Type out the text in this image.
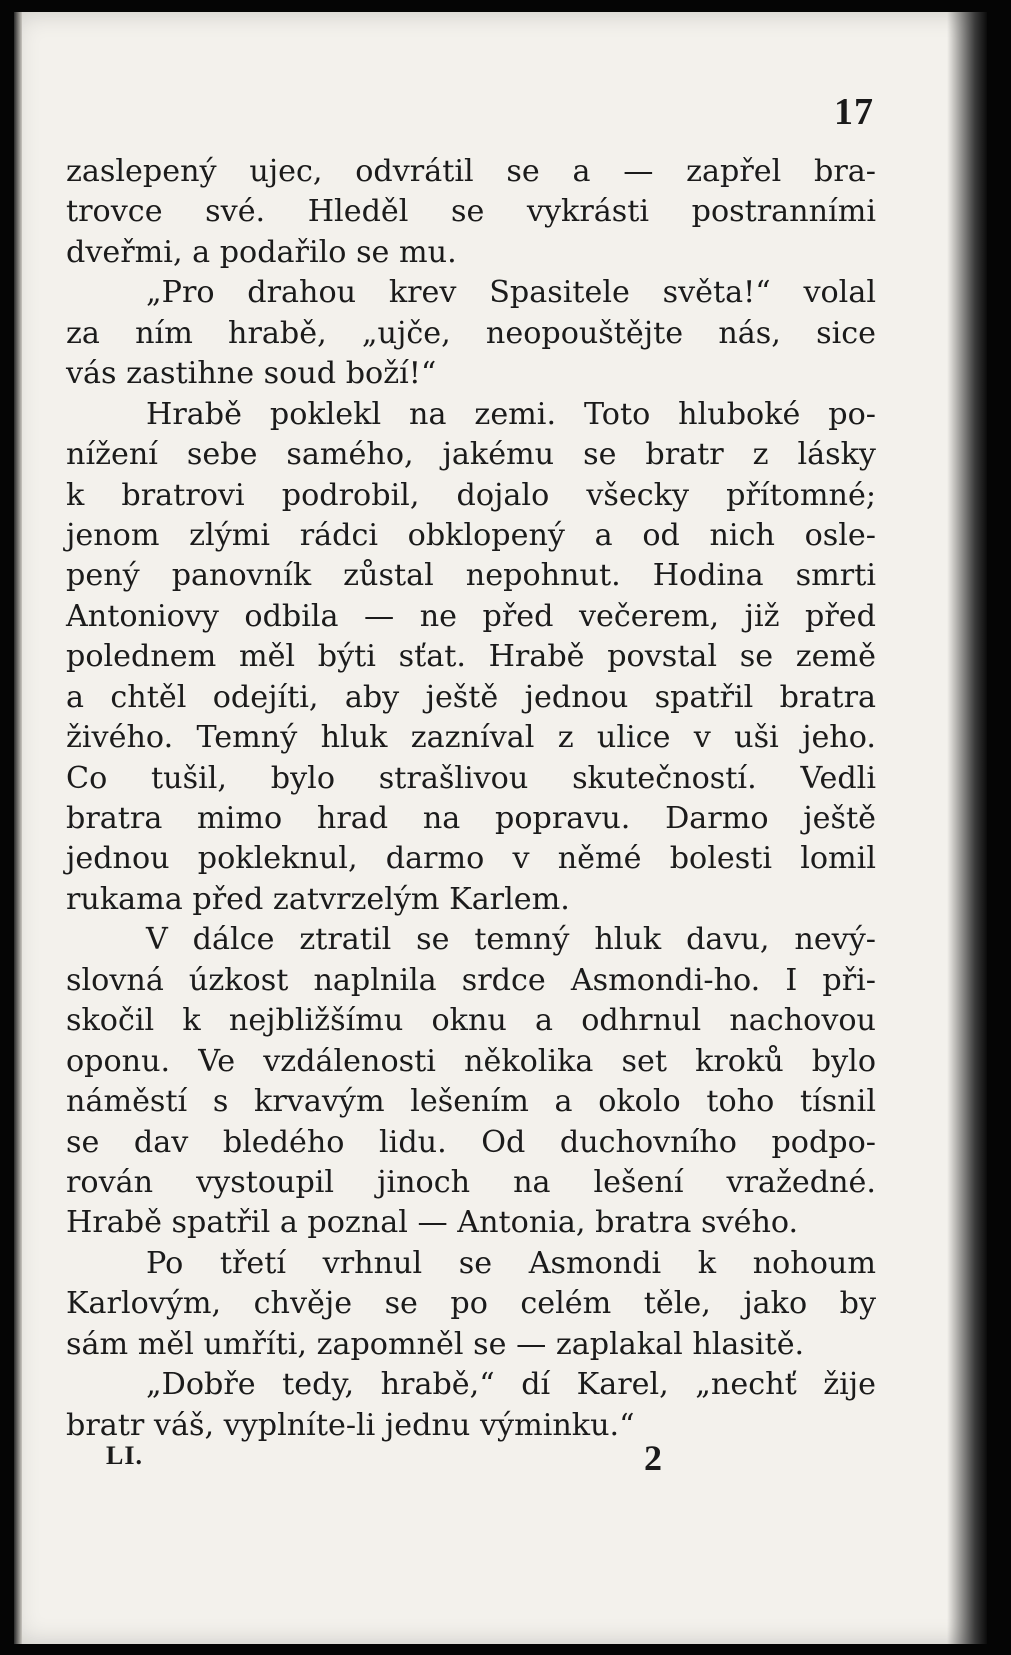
17
zaslepený ujec, odvrátil se a — zapřel bra-
trovce své. Hleděl se vykrásti postranními
dveřmi, a podařilo se mu.
„Pro drahou krev Spasitele světa!“ volal
za ním hrabě, „ujče, neopouštějte nás, sice
vás zastihne soud boží!“
Hrabě poklekl na zemi. Toto hluboké po-
nížení sebe samého, jakému se bratr z lásky
k bratrovi podrobil, dojalo všecky přítomné;
jenom zlými rádci obklopený a od nich osle-
pený panovník zůstal nepohnut. Hodina smrti
Antoniovy odbila — ne před večerem, již před
polednem měl býti sťat. Hrabě povstal se země
a chtěl odejíti, aby ještě jednou spatřil bratra
živého. Temný hluk zazníval z ulice v uši jeho.
Co tušil, bylo strašlivou skutečností. Vedli
bratra mimo hrad na popravu. Darmo ještě
jednou pokleknul, darmo v němé bolesti lomil
rukama před zatvrzelým Karlem.
V dálce ztratil se temný hluk davu, nevý-
slovná úzkost naplnila srdce Asmondi-ho. I při-
skočil k nejbližšímu oknu a odhrnul nachovou
oponu. Ve vzdálenosti několika set kroků bylo
náměstí s krvavým lešením a okolo toho tísnil
se dav bledého lidu. Od duchovního podpo-
rován vystoupil jinoch na lešení vražedné.
Hrabě spatřil a poznal — Antonia, bratra svého.
Po třetí vrhnul se Asmondi k nohoum
Karlovým, chvěje se po celém těle, jako by
sám měl umříti, zapomněl se — zaplakal hlasitě.
„Dobře tedy, hrabě,“ dí Karel, „nechť žije
bratr váš, vyplníte-li jednu výminku.“
LI.	2
